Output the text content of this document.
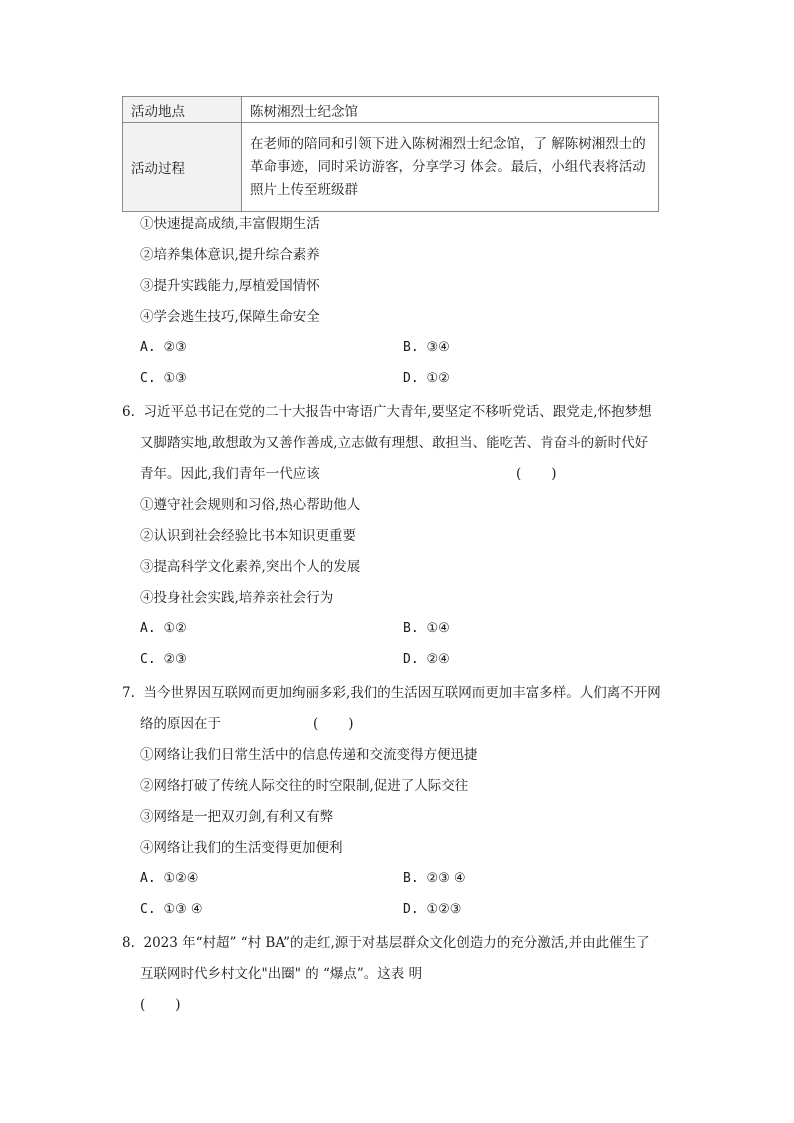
活动地点	陈树湘烈士纪念馆
活动过程	在老师的陪同和引领下进入陈树湘烈士纪念馆，了 解陈树湘烈士的革命事迹，同时采访游客，分享学习 体会。最后，小组代表将活动照片上传至班级群
①快速提高成绩,丰富假期生活
②培养集体意识,提升综合素养
③提升实践能力,厚植爱国情怀
④学会逃生技巧,保障生命安全
A. ②③	B. ③④
C. ①③	D. ①②
6. 习近平总书记在党的二十大报告中寄语广大青年,要坚定不移听党话、跟党走,怀抱梦想
又脚踏实地,敢想敢为又善作善成,立志做有理想、敢担当、能吃苦、肯奋斗的新时代好
青年。因此,我们青年一代应该	(       )
①遵守社会规则和习俗,热心帮助他人
②认识到社会经验比书本知识更重要
③提高科学文化素养,突出个人的发展
④投身社会实践,培养亲社会行为
A. ①②	B. ①④
C. ②③	D. ②④
7. 当今世界因互联网而更加绚丽多彩,我们的生活因互联网而更加丰富多样。人们离不开网
络的原因在于	(       )
①网络让我们日常生活中的信息传递和交流变得方便迅捷
②网络打破了传统人际交往的时空限制,促进了人际交往
③网络是一把双刃剑,有利又有弊
④网络让我们的生活变得更加便利
A. ①②④	B. ②③ ④
C. ①③ ④	D. ①②③
8. 2023 年“村超” “村 BA”的走红,源于对基层群众文化创造力的充分激活,并由此催生了
互联网时代乡村文化"出圈" 的 “爆点”。这表 明
(       )
